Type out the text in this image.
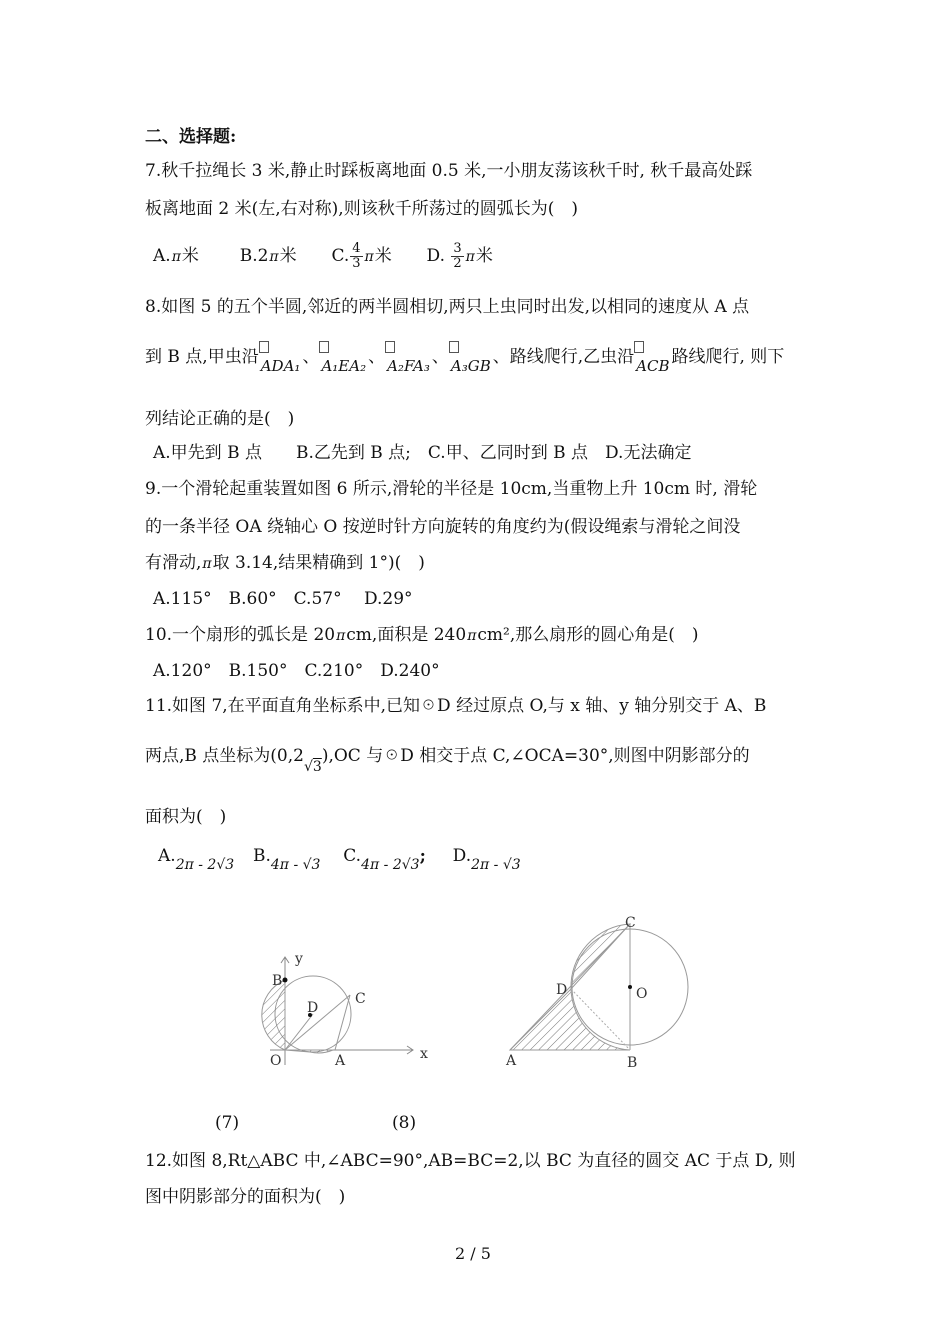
二、选择题:
7.秋千拉绳长 3 米,静止时踩板离地面 0.5 米,一小朋友荡该秋千时, 秋千最高处踩
板离地面 2 米(左,右对称),则该秋千所荡过的圆弧长为(　)
A.π米 B.2π米 C. $\frac{4}{3}$ π米 D. $\frac{3}{2}$ π米
8.如图 5 的五个半圆,邻近的两半圆相切,两只上虫同时出发,以相同的速度从 A 点
到 B 点,甲虫沿 ADA₁ 、 A₁EA₂ 、 A₂FA₃ 、 A₃GB 、路线爬行,乙虫沿 ACB 路线爬行, 则下
列结论正确的是(　)
A.甲先到 B 点　　B.乙先到 B 点;　C.甲、乙同时到 B 点　D.无法确定
9.一个滑轮起重装置如图 6 所示,滑轮的半径是 10cm,当重物上升 10cm 时, 滑轮
的一条半径 OA 绕轴心 O 按逆时针方向旋转的角度约为(假设绳索与滑轮之间没
有滑动,π取 3.14,结果精确到 1°)(　)
A.115°　B.60°　C.57°　 D.29°
10.一个扇形的弧长是 20πcm,面积是 240πcm²,那么扇形的圆心角是(　)
A.120°　B.150°　C.210°　D.240°
11.如图 7,在平面直角坐标系中,已知☉D 经过原点 O,与 x 轴、y 轴分别交于 A、B
两点,B 点坐标为$(0,2_{√3}),OC$ 与☉D 相交于点 C,∠OCA=30°,则图中阴影部分的
面积为(　)
$A._{2\pi - 2√3}$ $B._{4\pi - √3}$ $C._{4\pi - 2√3}$; $D._{2\pi - √3}$
y
B
D
C
O	A	x
C
D	O
A	B
(7)	(8)
12.如图 8,Rt△ABC 中,∠ABC=90°,AB=BC=2,以 BC 为直径的圆交 AC 于点 D, 则
图中阴影部分的面积为(　)
2 / 5
